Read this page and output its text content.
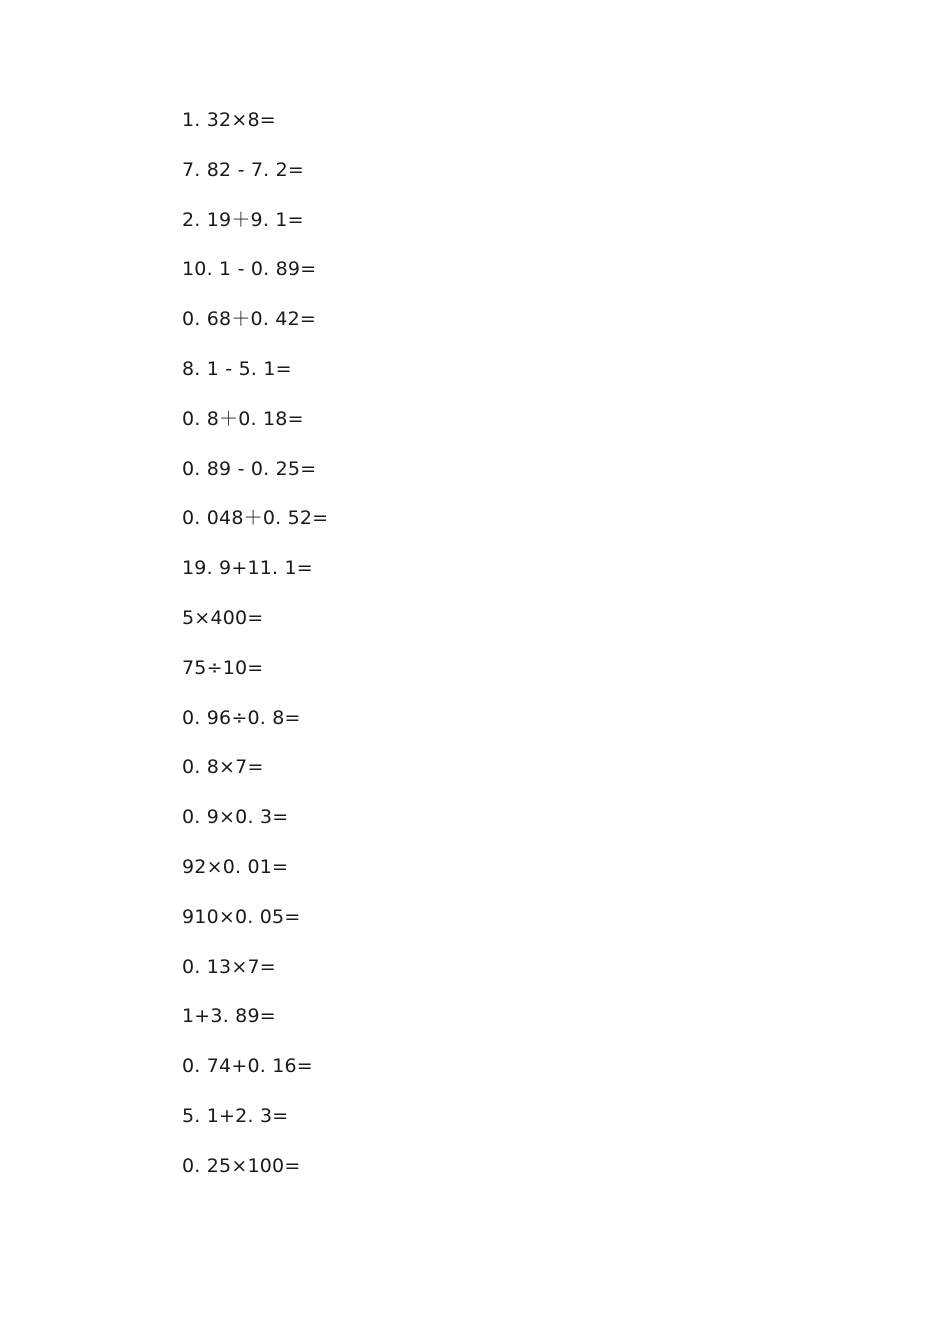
1. 32×8=
7. 82 - 7. 2=
2. 19＋9. 1=
10. 1 - 0. 89=
0. 68＋0. 42=
8. 1 - 5. 1=
0. 8＋0. 18=
0. 89 - 0. 25=
0. 048＋0. 52=
19. 9+11. 1=
5×400=
75÷10=
0. 96÷0. 8=
0. 8×7=
0. 9×0. 3=
92×0. 01=
910×0. 05=
0. 13×7=
1+3. 89=
0. 74+0. 16=
5. 1+2. 3=
0. 25×100=
